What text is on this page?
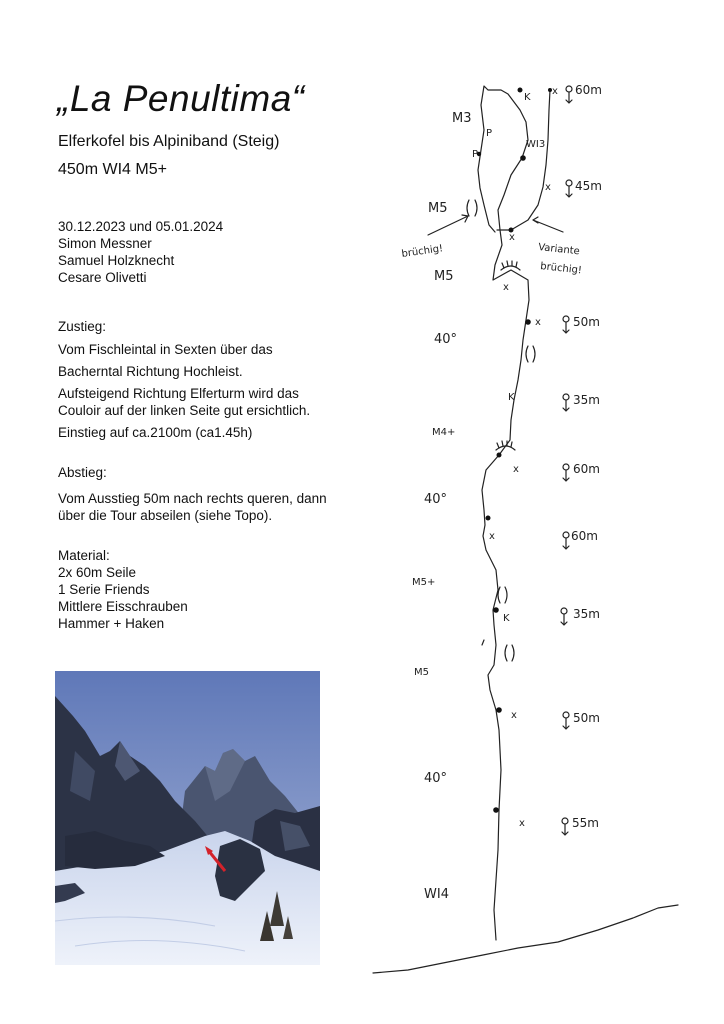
„La Penultima“

Elferkofel bis Alpiniband (Steig)

450m WI4 M5+

30.12.2023 und 05.01.2024
Simon Messner
Samuel Holzknecht
Cesare Olivetti
Zustieg:
Vom Fischleintal in Sexten über das
Bacherntal Richtung Hochleist.
Aufsteigend Richtung Elferturm wird das
Couloir auf der linken Seite gut ersichtlich.
Einstieg auf ca.2100m (ca1.45h)
Abstieg:
Vom Ausstieg 50m nach rechts queren, dann
über die Tour abseilen (siehe Topo).
Material:
2x 60m Seile
1 Serie Friends
Mittlere Eisschrauben
Hammer + Haken
M3
WI3
M5
M5
40°
M4+
40°
M5+
M5
40°
WI4
brüchig!	Variante
brüchig!
x
x
x
x
x
x
x
x
x
K
K
K
P
P
60m
45m
50m
35m
60m
60m
35m
50m
55m
